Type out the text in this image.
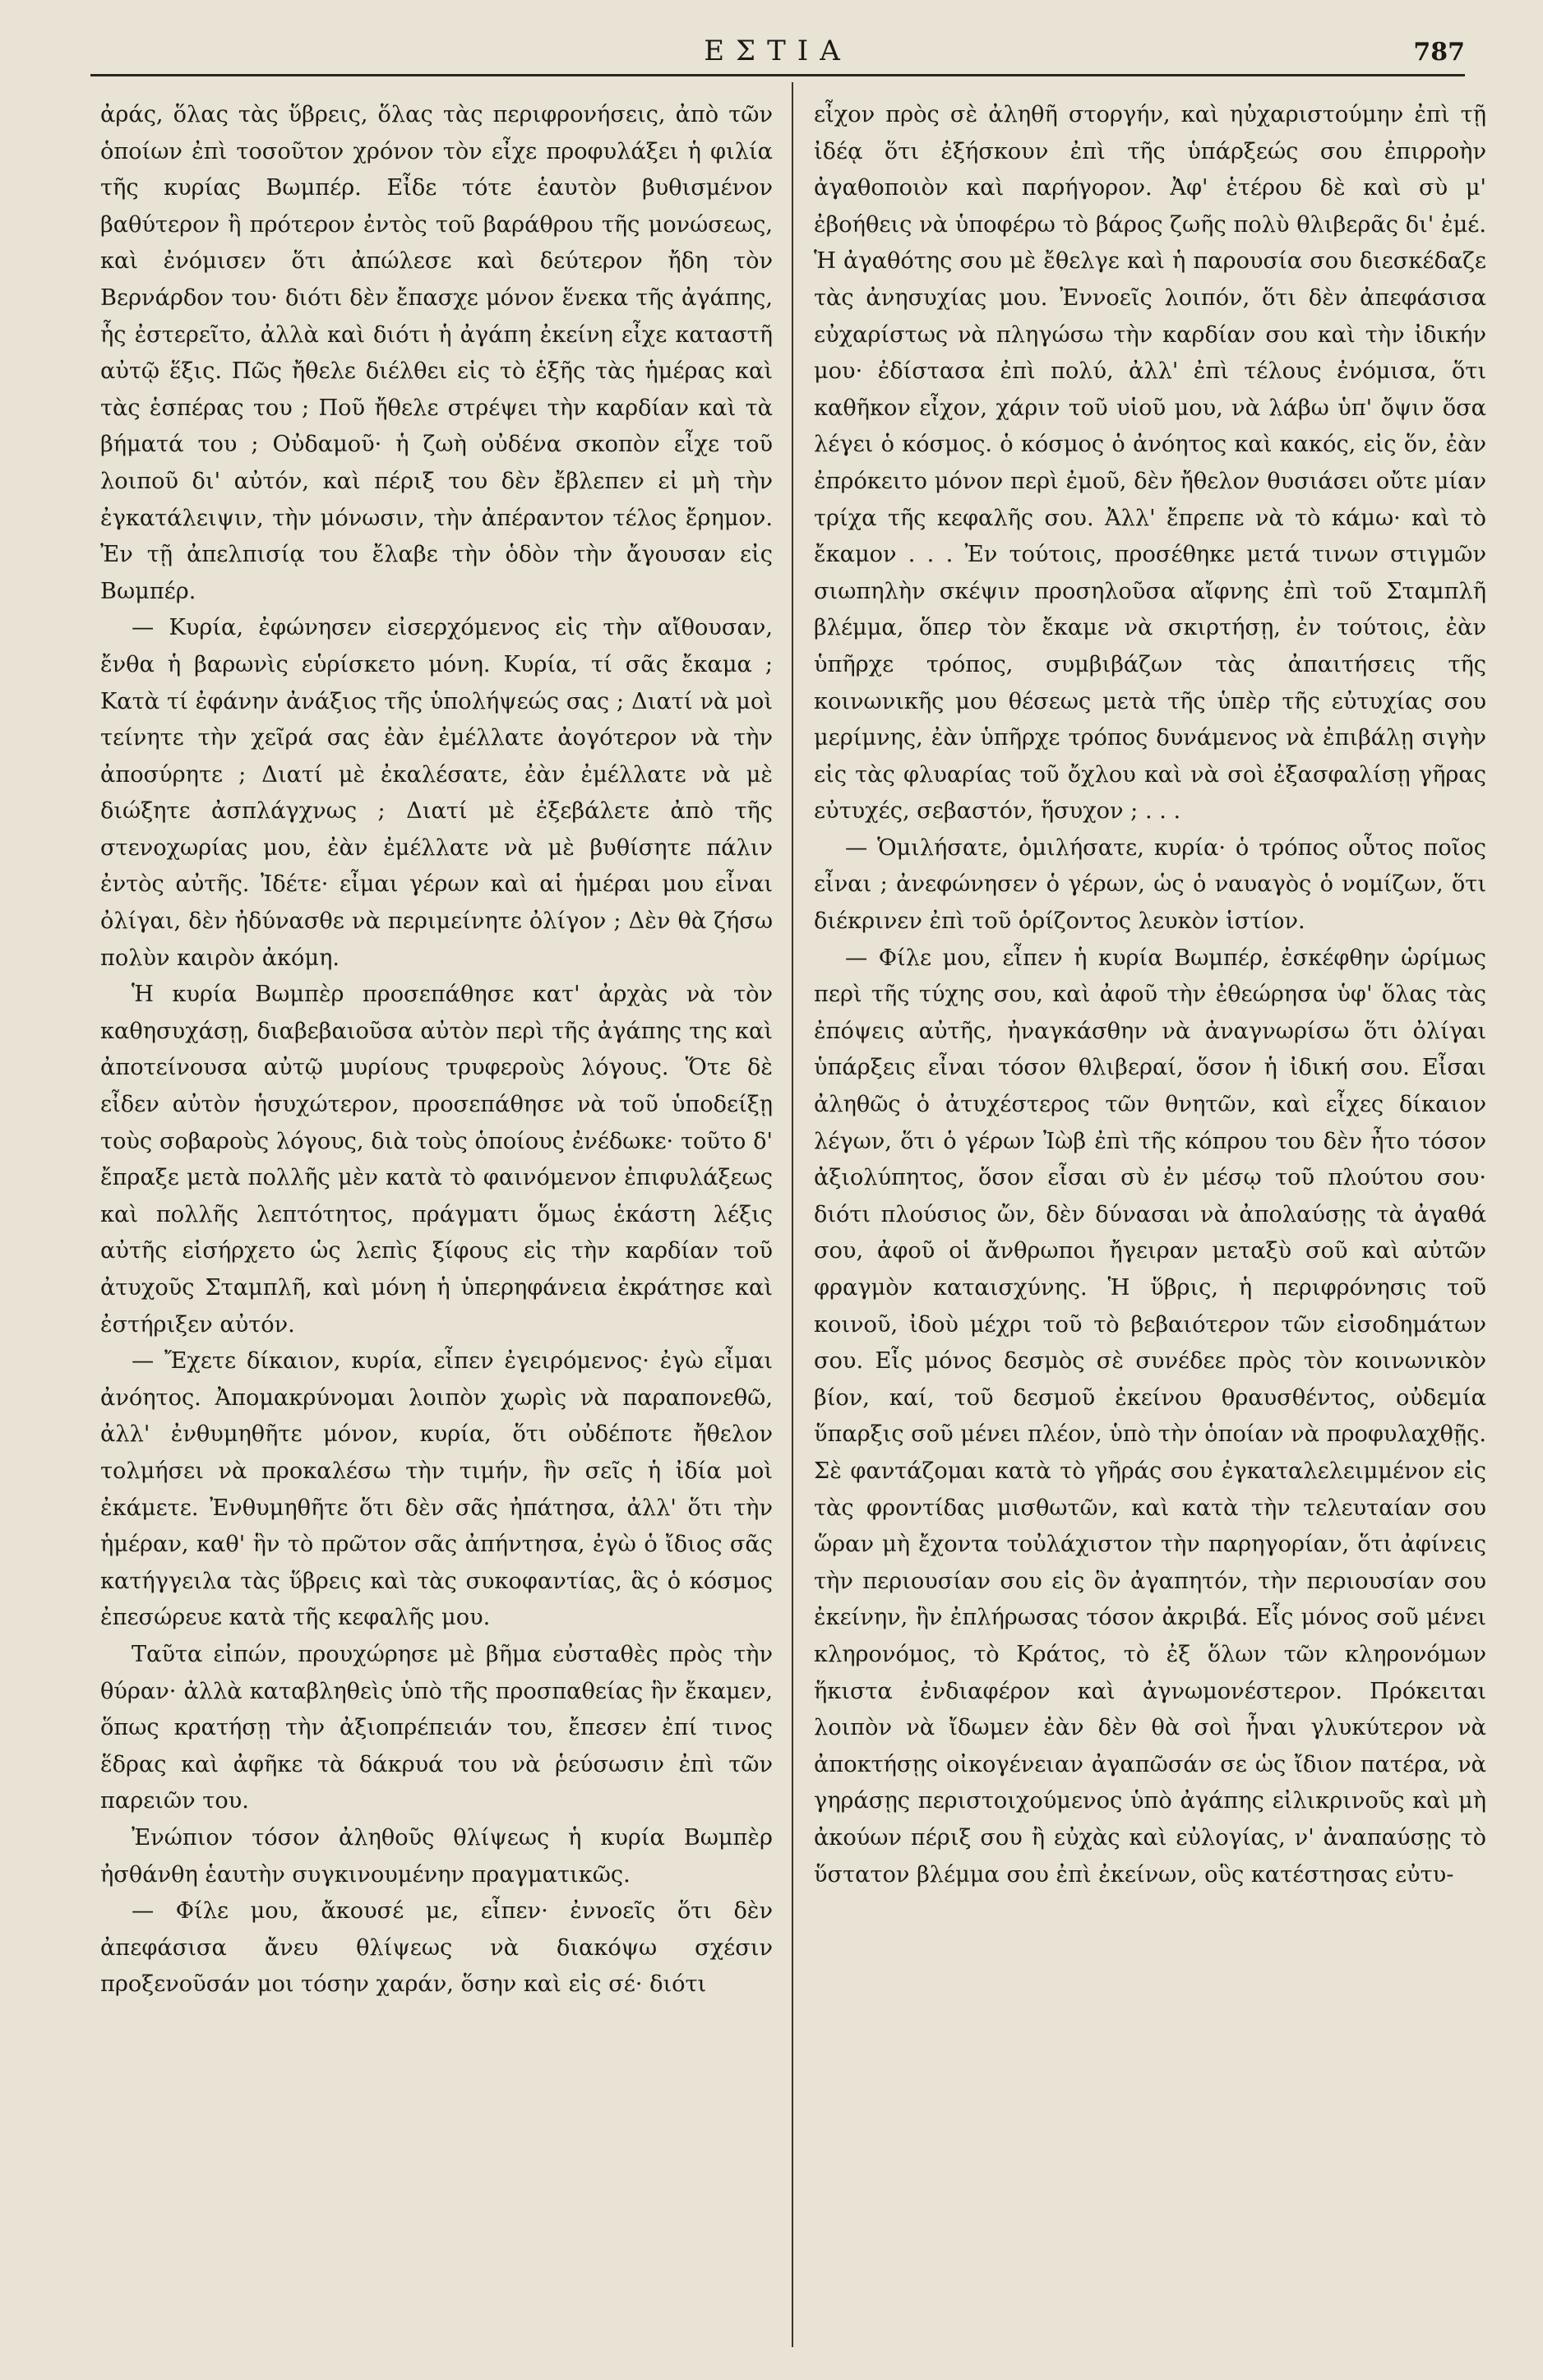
ΕΣΤΙΑ	787

ἀράς, ὅλας τὰς ὕβρεις, ὅλας τὰς περιφρονήσεις, ἀπὸ τῶν ὁποίων ἐπὶ τοσοῦτον χρόνον τὸν εἶχε προφυλάξει ἡ φιλία τῆς κυρίας Βωμπέρ. Εἶδε τότε ἑαυτὸν βυθισμένον βαθύτερον ἢ πρότερον ἐντὸς τοῦ βαράθρου τῆς μονώσεως, καὶ ἐνόμισεν ὅτι ἀπώλεσε καὶ δεύτερον ἤδη τὸν Βερνάρδον του· διότι δὲν ἔπασχε μόνον ἕνεκα τῆς ἀγάπης, ἧς ἐστερεῖτο, ἀλλὰ καὶ διότι ἡ ἀγάπη ἐκείνη εἶχε καταστῆ αὐτῷ ἕξις. Πῶς ἤθελε διέλθει εἰς τὸ ἑξῆς τὰς ἡμέρας καὶ τὰς ἑσπέρας του ; Ποῦ ἤθελε στρέψει τὴν καρδίαν καὶ τὰ βήματά του ; Οὐδαμοῦ· ἡ ζωὴ οὐδένα σκοπὸν εἶχε τοῦ λοιποῦ δι' αὐτόν, καὶ πέριξ του δὲν ἔβλεπεν εἰ μὴ τὴν ἐγκατάλειψιν, τὴν μόνωσιν, τὴν ἀπέραντον τέλος ἔρημον. Ἐν τῇ ἀπελπισίᾳ του ἔλαβε τὴν ὁδὸν τὴν ἄγουσαν εἰς Βωμπέρ.

— Κυρία, ἐφώνησεν εἰσερχόμενος εἰς τὴν αἴθουσαν, ἔνθα ἡ βαρωνὶς εὑρίσκετο μόνη. Κυρία, τί σᾶς ἔκαμα ; Κατὰ τί ἐφάνην ἀνάξιος τῆς ὑπολήψεώς σας ; Διατί νὰ μοὶ τείνητε τὴν χεῖρά σας ἐὰν ἐμέλλατε ἀογότερον νὰ τὴν ἀποσύρητε ; Διατί μὲ ἐκαλέσατε, ἐὰν ἐμέλλατε νὰ μὲ διώξητε ἀσπλάγχνως ; Διατί μὲ ἐξεβάλετε ἀπὸ τῆς στενοχωρίας μου, ἐὰν ἐμέλλατε νὰ μὲ βυθίσητε πάλιν ἐντὸς αὐτῆς. Ἰδέτε· εἶμαι γέρων καὶ αἱ ἡμέραι μου εἶναι ὀλίγαι, δὲν ἠδύνασθε νὰ περιμείνητε ὀλίγον ; Δὲν θὰ ζήσω πολὺν καιρὸν ἀκόμη.

Ἡ κυρία Βωμπὲρ προσεπάθησε κατ' ἀρχὰς νὰ τὸν καθησυχάσῃ, διαβεβαιοῦσα αὐτὸν περὶ τῆς ἀγάπης της καὶ ἀποτείνουσα αὐτῷ μυρίους τρυφεροὺς λόγους. Ὅτε δὲ εἶδεν αὐτὸν ἡσυχώτερον, προσεπάθησε νὰ τοῦ ὑποδείξῃ τοὺς σοβαροὺς λόγους, διὰ τοὺς ὁποίους ἐνέδωκε· τοῦτο δ' ἔπραξε μετὰ πολλῆς μὲν κατὰ τὸ φαινόμενον ἐπιφυλάξεως καὶ πολλῆς λεπτότητος, πράγματι ὅμως ἑκάστη λέξις αὐτῆς εἰσήρχετο ὡς λεπὶς ξίφους εἰς τὴν καρδίαν τοῦ ἀτυχοῦς Σταμπλῆ, καὶ μόνη ἡ ὑπερηφάνεια ἐκράτησε καὶ ἐστήριξεν αὐτόν.

— Ἔχετε δίκαιον, κυρία, εἶπεν ἐγειρόμενος· ἐγὼ εἶμαι ἀνόητος. Ἀπομακρύνομαι λοιπὸν χωρὶς νὰ παραπονεθῶ, ἀλλ' ἐνθυμηθῆτε μόνον, κυρία, ὅτι οὐδέποτε ἤθελον τολμήσει νὰ προκαλέσω τὴν τιμήν, ἣν σεῖς ἡ ἰδία μοὶ ἐκάμετε. Ἐνθυμηθῆτε ὅτι δὲν σᾶς ἠπάτησα, ἀλλ' ὅτι τὴν ἡμέραν, καθ' ἣν τὸ πρῶτον σᾶς ἀπήντησα, ἐγὼ ὁ ἴδιος σᾶς κατήγγειλα τὰς ὕβρεις καὶ τὰς συκοφαντίας, ἃς ὁ κόσμος ἐπεσώρευε κατὰ τῆς κεφαλῆς μου.

Ταῦτα εἰπών, προυχώρησε μὲ βῆμα εὐσταθὲς πρὸς τὴν θύραν· ἀλλὰ καταβληθεὶς ὑπὸ τῆς προσπαθείας ἣν ἔκαμεν, ὅπως κρατήσῃ τὴν ἀξιοπρέπειάν του, ἔπεσεν ἐπί τινος ἕδρας καὶ ἀφῆκε τὰ δάκρυά του νὰ ῥεύσωσιν ἐπὶ τῶν παρειῶν του.

Ἐνώπιον τόσον ἀληθοῦς θλίψεως ἡ κυρία Βωμπὲρ ἠσθάνθη ἑαυτὴν συγκινουμένην πραγματικῶς.

— Φίλε μου, ἄκουσέ με, εἶπεν· ἐννοεῖς ὅτι δὲν ἀπεφάσισα ἄνευ θλίψεως νὰ διακόψω σχέσιν προξενοῦσάν μοι τόσην χαράν, ὅσην καὶ εἰς σέ· διότι

εἶχον πρὸς σὲ ἀληθῆ στοργήν, καὶ ηὐχαριστούμην ἐπὶ τῇ ἰδέᾳ ὅτι ἐξήσκουν ἐπὶ τῆς ὑπάρξεώς σου ἐπιρροὴν ἀγαθοποιὸν καὶ παρήγορον. Ἀφ' ἑτέρου δὲ καὶ σὺ μ' ἐβοήθεις νὰ ὑποφέρω τὸ βάρος ζωῆς πολὺ θλιβερᾶς δι' ἐμέ. Ἡ ἀγαθότης σου μὲ ἔθελγε καὶ ἡ παρουσία σου διεσκέδαζε τὰς ἀνησυχίας μου. Ἐννοεῖς λοιπόν, ὅτι δὲν ἀπεφάσισα εὐχαρίστως νὰ πληγώσω τὴν καρδίαν σου καὶ τὴν ἰδικήν μου· ἐδίστασα ἐπὶ πολύ, ἀλλ' ἐπὶ τέλους ἐνόμισα, ὅτι καθῆκον εἶχον, χάριν τοῦ υἱοῦ μου, νὰ λάβω ὑπ' ὄψιν ὅσα λέγει ὁ κόσμος. ὁ κόσμος ὁ ἀνόητος καὶ κακός, εἰς ὅν, ἐὰν ἐπρόκειτο μόνον περὶ ἐμοῦ, δὲν ἤθελον θυσιάσει οὔτε μίαν τρίχα τῆς κεφαλῆς σου. Ἀλλ' ἔπρεπε νὰ τὸ κάμω· καὶ τὸ ἔκαμον . . . Ἐν τούτοις, προσέθηκε μετά τινων στιγμῶν σιωπηλὴν σκέψιν προσηλοῦσα αἴφνης ἐπὶ τοῦ Σταμπλῆ βλέμμα, ὅπερ τὸν ἔκαμε νὰ σκιρτήσῃ, ἐν τούτοις, ἐὰν ὑπῆρχε τρόπος, συμβιβάζων τὰς ἀπαιτήσεις τῆς κοινωνικῆς μου θέσεως μετὰ τῆς ὑπὲρ τῆς εὐτυχίας σου μερίμνης, ἐὰν ὑπῆρχε τρόπος δυνάμενος νὰ ἐπιβάλῃ σιγὴν εἰς τὰς φλυαρίας τοῦ ὄχλου καὶ νὰ σοὶ ἐξασφαλίσῃ γῆρας εὐτυχές, σεβαστόν, ἥσυχον ; . . .

— Ὁμιλήσατε, ὁμιλήσατε, κυρία· ὁ τρόπος οὗτος ποῖος εἶναι ; ἀνεφώνησεν ὁ γέρων, ὡς ὁ ναυαγὸς ὁ νομίζων, ὅτι διέκρινεν ἐπὶ τοῦ ὁρίζοντος λευκὸν ἱστίον.

— Φίλε μου, εἶπεν ἡ κυρία Βωμπέρ, ἐσκέφθην ὡρίμως περὶ τῆς τύχης σου, καὶ ἀφοῦ τὴν ἐθεώρησα ὑφ' ὅλας τὰς ἐπόψεις αὐτῆς, ἠναγκάσθην νὰ ἀναγνωρίσω ὅτι ὀλίγαι ὑπάρξεις εἶναι τόσον θλιβεραί, ὅσον ἡ ἰδική σου. Εἶσαι ἀληθῶς ὁ ἀτυχέστερος τῶν θνητῶν, καὶ εἶχες δίκαιον λέγων, ὅτι ὁ γέρων Ἰὼβ ἐπὶ τῆς κόπρου του δὲν ἦτο τόσον ἀξιολύπητος, ὅσον εἶσαι σὺ ἐν μέσῳ τοῦ πλούτου σου· διότι πλούσιος ὤν, δὲν δύνασαι νὰ ἀπολαύσῃς τὰ ἀγαθά σου, ἀφοῦ οἱ ἄνθρωποι ἤγειραν μεταξὺ σοῦ καὶ αὐτῶν φραγμὸν καταισχύνης. Ἡ ὕβρις, ἡ περιφρόνησις τοῦ κοινοῦ, ἰδοὺ μέχρι τοῦ τὸ βεβαιότερον τῶν εἰσοδημάτων σου. Εἷς μόνος δεσμὸς σὲ συνέδεε πρὸς τὸν κοινωνικὸν βίον, καί, τοῦ δεσμοῦ ἐκείνου θραυσθέντος, οὐδεμία ὕπαρξις σοῦ μένει πλέον, ὑπὸ τὴν ὁποίαν νὰ προφυλαχθῇς. Σὲ φαντάζομαι κατὰ τὸ γῆράς σου ἐγκαταλελειμμένον εἰς τὰς φροντίδας μισθωτῶν, καὶ κατὰ τὴν τελευταίαν σου ὥραν μὴ ἔχοντα τοὐλάχιστον τὴν παρηγορίαν, ὅτι ἀφίνεις τὴν περιουσίαν σου εἰς ὃν ἀγαπητόν, τὴν περιουσίαν σου ἐκείνην, ἣν ἐπλήρωσας τόσον ἀκριβά. Εἷς μόνος σοῦ μένει κληρονόμος, τὸ Κράτος, τὸ ἐξ ὅλων τῶν κληρονόμων ἥκιστα ἐνδιαφέρον καὶ ἀγνωμονέστερον. Πρόκειται λοιπὸν νὰ ἴδωμεν ἐὰν δὲν θὰ σοὶ ἦναι γλυκύτερον νὰ ἀποκτήσῃς οἰκογένειαν ἀγαπῶσάν σε ὡς ἴδιον πατέρα, νὰ γηράσῃς περιστοιχούμενος ὑπὸ ἀγάπης εἰλικρινοῦς καὶ μὴ ἀκούων πέριξ σου ἢ εὐχὰς καὶ εὐλογίας, ν' ἀναπαύσῃς τὸ ὕστατον βλέμμα σου ἐπὶ ἐκείνων, οὓς κατέστησας εὐτυ-
